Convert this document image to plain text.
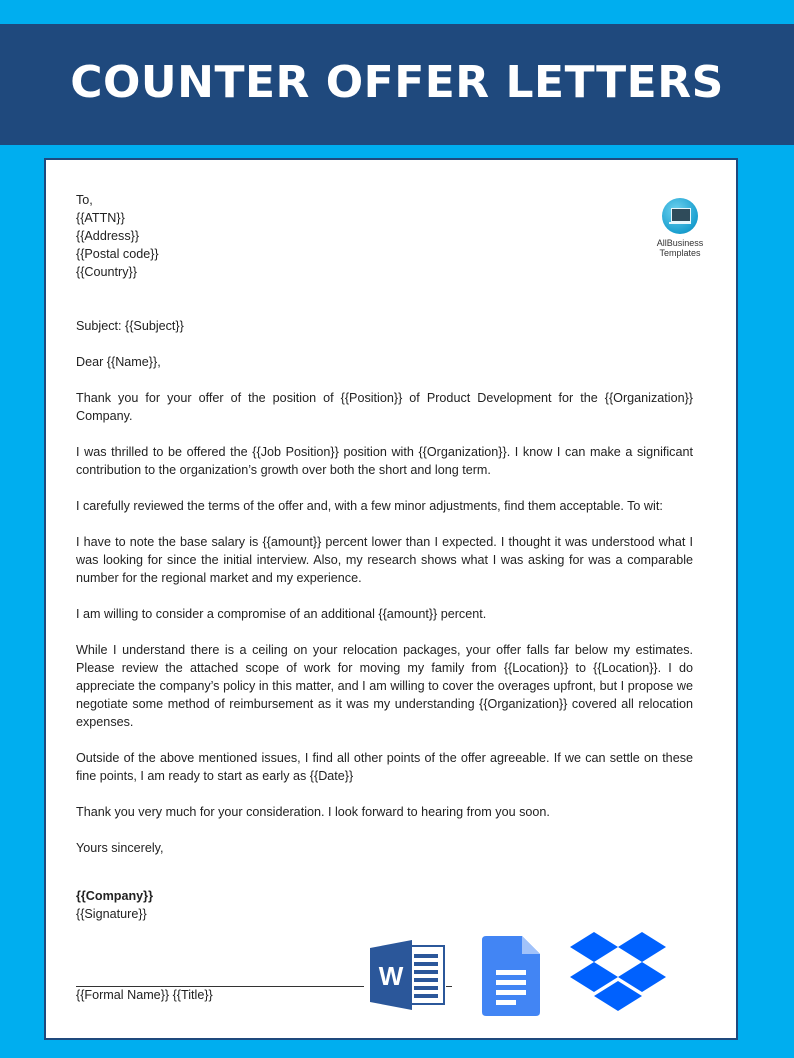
COUNTER OFFER LETTERS
AllBusiness
Templates

To,
{{ATTN}}
{{Address}}
{{Postal code}}
{{Country}}

Subject: {{Subject}}

Dear {{Name}},

Thank you for your offer of the position of {{Position}} of Product Development for the {{Organization}} Company.

I was thrilled to be offered the {{Job Position}} position with {{Organization}}. I know I can make a significant contribution to the organization’s growth over both the short and long term.

I carefully reviewed the terms of the offer and, with a few minor adjustments, find them acceptable. To wit:

I have to note the base salary is {{amount}} percent lower than I expected. I thought it was understood what I was looking for since the initial interview. Also, my research shows what I was asking for was a comparable number for the regional market and my experience.

I am willing to consider a compromise of an additional {{amount}} percent.

While I understand there is a ceiling on your relocation packages, your offer falls far below my estimates. Please review the attached scope of work for moving my family from {{Location}} to {{Location}}. I do appreciate the company’s policy in this matter, and I am willing to cover the overages upfront, but I propose we negotiate some method of reimbursement as it was my understanding {{Organization}} covered all relocation expenses.

Outside of the above mentioned issues, I find all other points of the offer agreeable. If we can settle on these fine points, I am ready to start as early as {{Date}}

Thank you very much for your consideration. I look forward to hearing from you soon.

Yours sincerely,

{{Company}}
{{Signature}}

{{Formal Name}} {{Title}}
W
